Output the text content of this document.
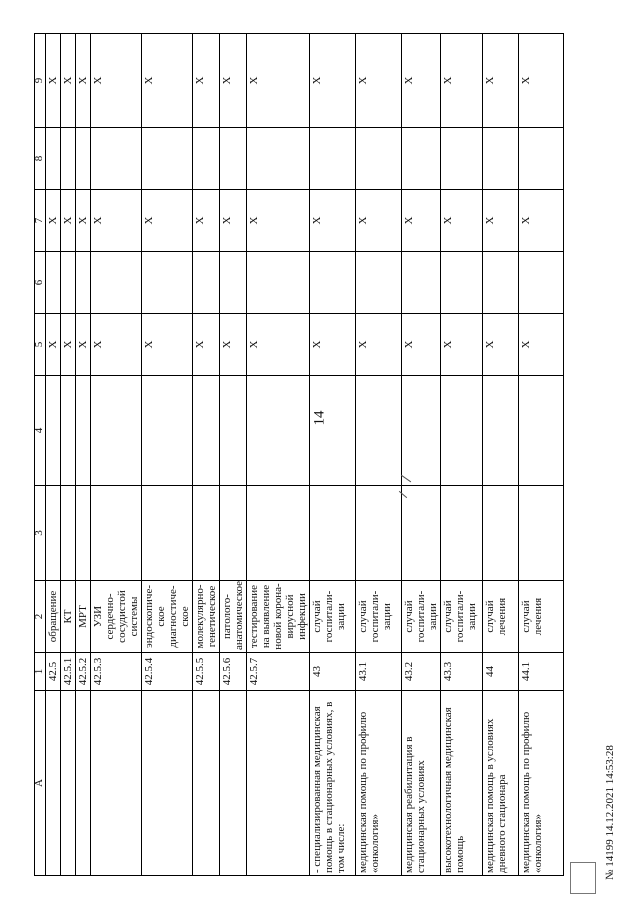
14
А	1	2	3	4	5	6	7	8	9
	42.5	обращение			X		X		X
	42.5.1	КТ			X		X		X
	42.5.2	МРТ			X		X		X
	42.5.3	УЗИ сердечно-сосудистой системы			X		X		X
	42.5.4	эндоскопиче-ское диагностиче-ское			X		X		X
	42.5.5	молекулярно-генетическое			X		X		X
	42.5.6	патолого-анатомическое			X		X		X
	42.5.7	тестирование на выявление новой корона-вирусной инфекции			X		X		X
- специализированная медицинская помощь в стационарных условиях, в том числе:	43	случай госпитали-зации			X		X		X
медицинская помощь по профилю «онкология»	43.1	случай госпитали-зации			X		X		X
медицинская реабилитация в стационарных условиях	43.2	случай госпитали-зации			X		X		X
высокотехнологичная медицинская помощь	43.3	случай госпитали-зации			X		X		X
медицинская помощь в условиях дневного стационара	44	случай лечения			X		X		X
медицинская помощь по профилю «онкология»	44.1	случай лечения			X		X		X
№ 14199 14.12.2021 14:53:28
